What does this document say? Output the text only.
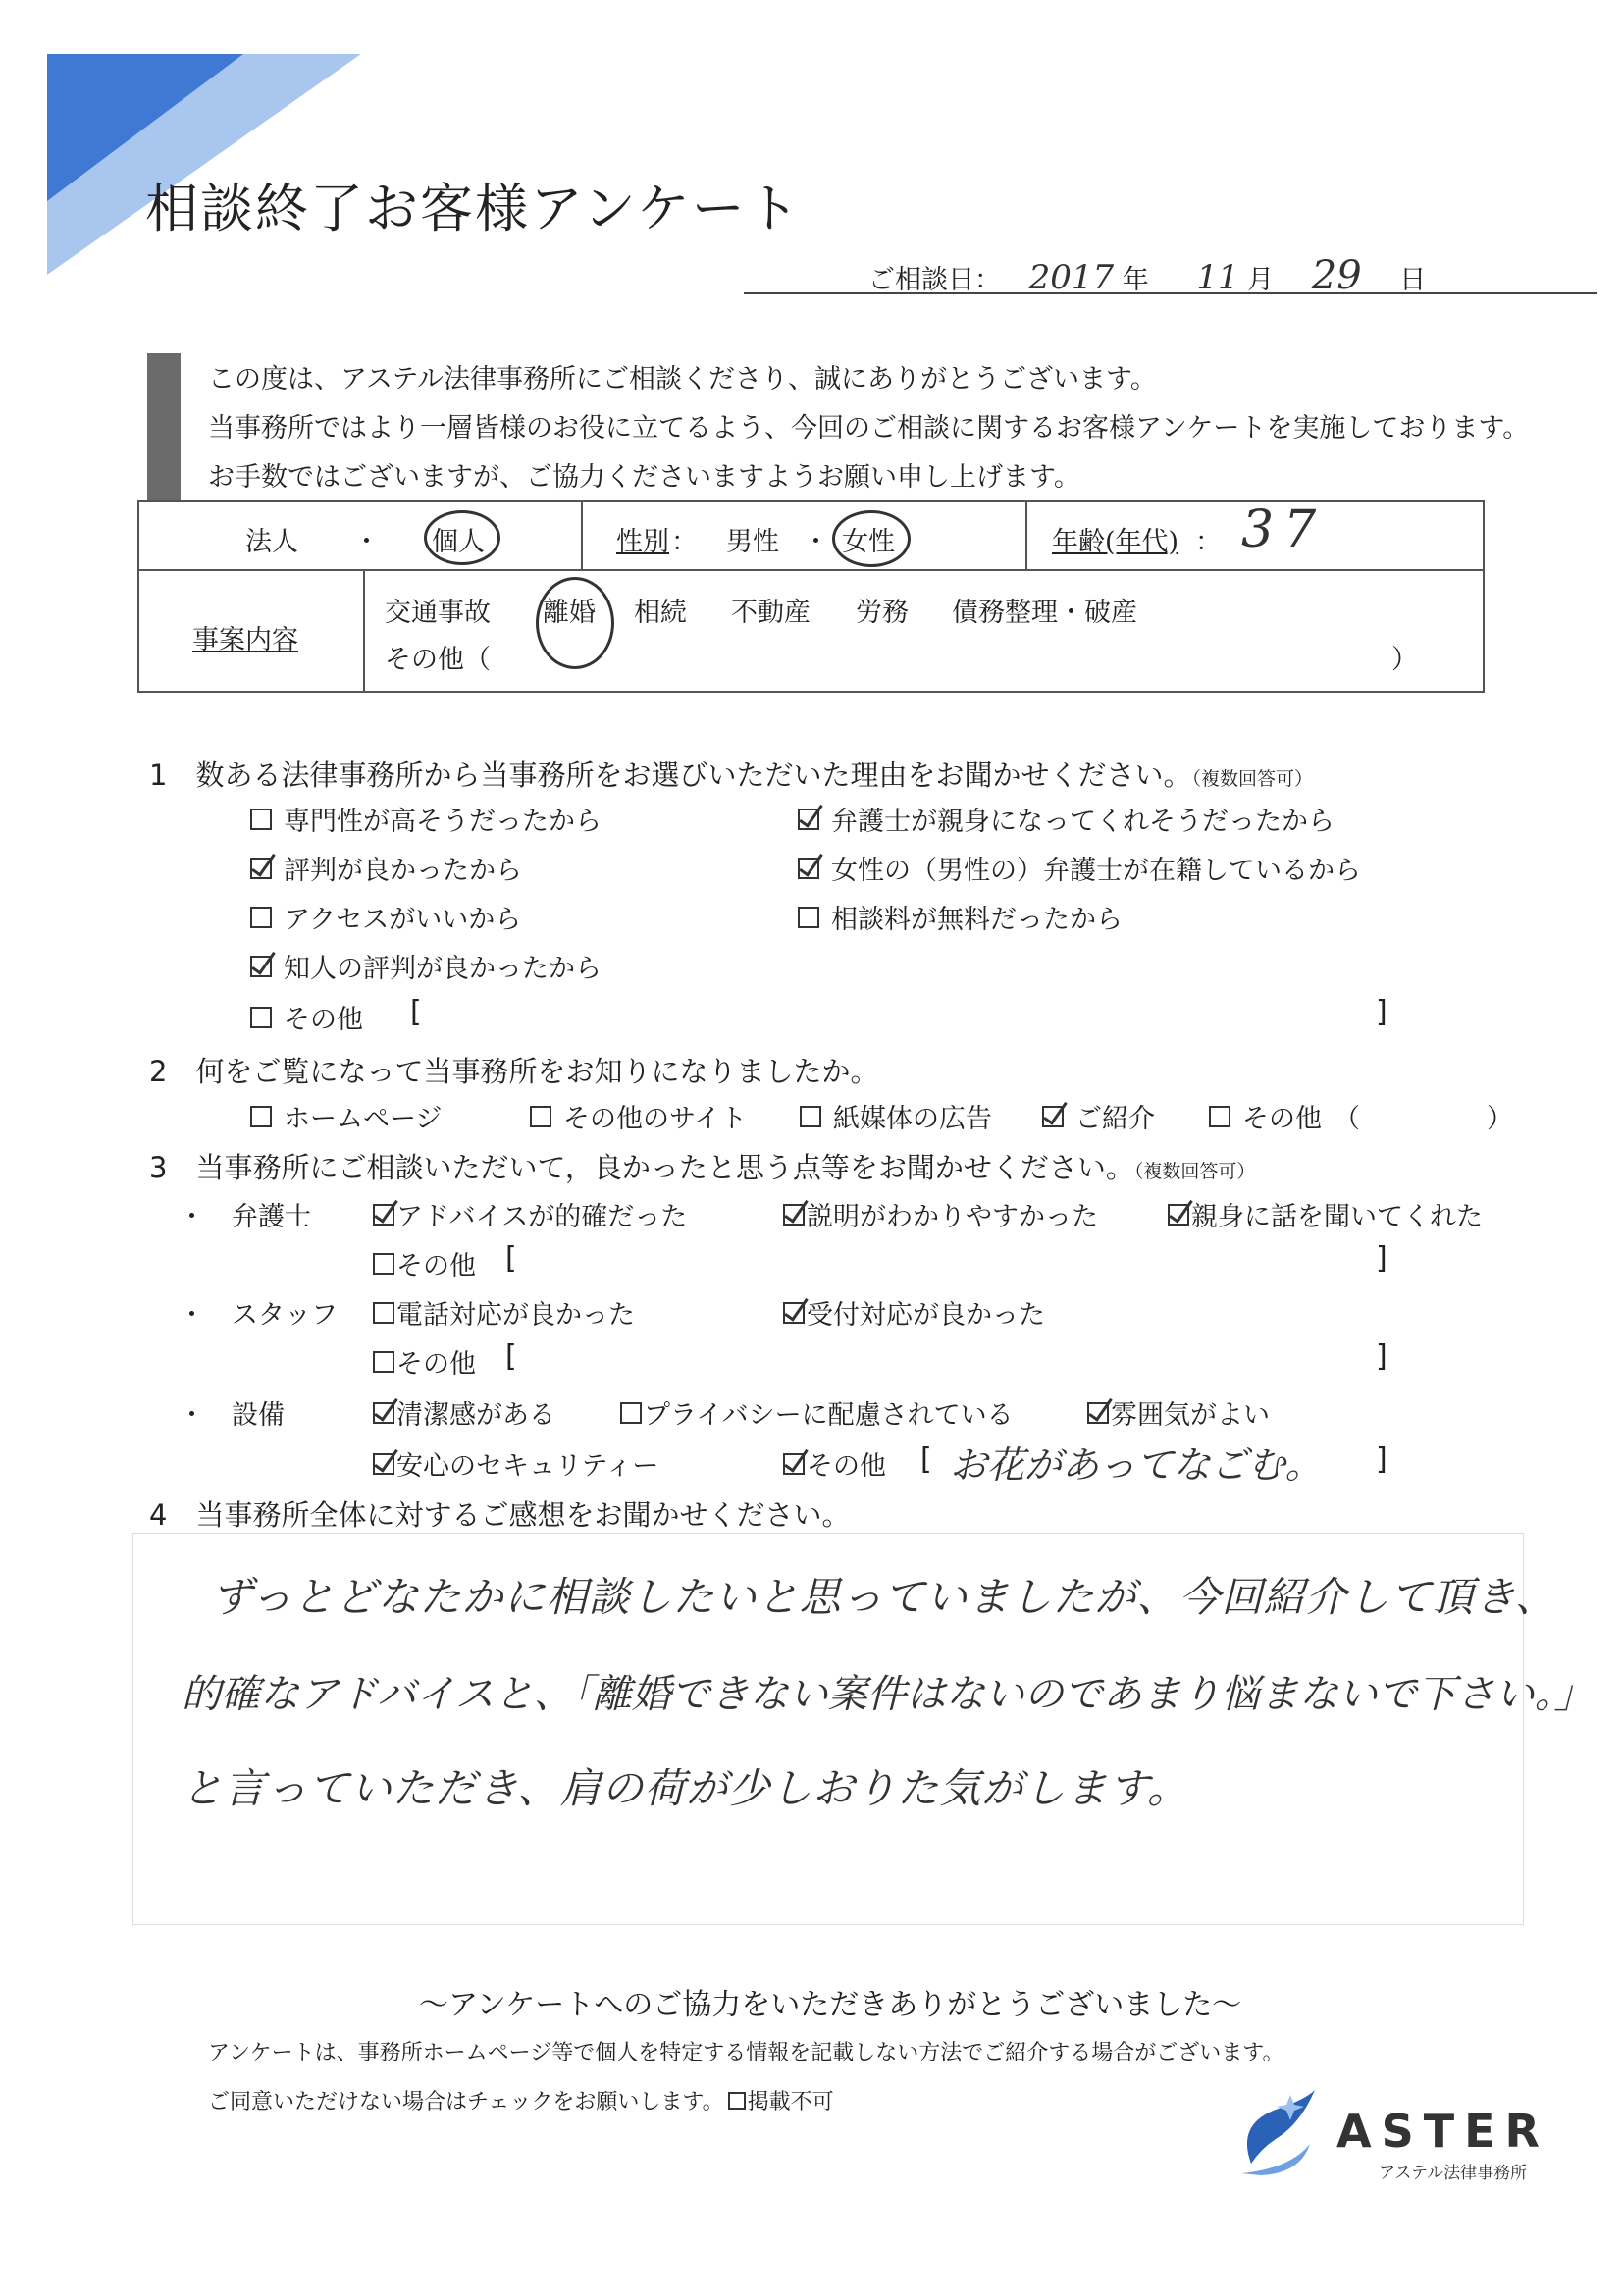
相談終了お客様アンケート
ご相談日： 2017 年 11 月 29 日
この度は、アステル法律事務所にご相談くださり、誠にありがとうございます。
当事務所ではより一層皆様のお役に立てるよう、今回のご相談に関するお客様アンケートを実施しております。
お手数ではございますが、ご協力くださいますようお願い申し上げます。
法人 ・ 個人	性別 ： 男性 ・ 女性	年齢(年代) ： 37
事案内容
交通事故 離婚 相続 不動産 労務 債務整理・破産
その他（	）
1　数ある法律事務所から当事務所をお選びいただいた理由をお聞かせください。（複数回答可）
専門性が高そうだったから	弁護士が親身になってくれそうだったから
評判が良かったから	女性の（男性の）弁護士が在籍しているから
アクセスがいいから	相談料が無料だったから
知人の評判が良かったから
その他 [	]
2　何をご覧になって当事務所をお知りになりましたか。
ホームページ	その他のサイト	紙媒体の広告	ご紹介	その他 （	）
3　当事務所にご相談いただいて，良かったと思う点等をお聞かせください。（複数回答可）
・ 弁護士	アドバイスが的確だった	説明がわかりやすかった	親身に話を聞いてくれた
その他 [	]
・ スタッフ 電話対応が良かった	受付対応が良かった
その他 [	]
・ 設備	清潔感がある	プライバシーに配慮されている	雰囲気がよい
安心のセキュリティー	その他 [ お花があってなごむ。 ]
4　当事務所全体に対するご感想をお聞かせください。
ずっとどなたかに相談したいと思っていましたが、今回紹介して頂き、
的確なアドバイスと、「離婚できない案件はないのであまり悩まないで下さい。」
と言っていただき、肩の荷が少しおりた気がします。
～アンケートへのご協力をいただきありがとうございました～
アンケートは、事務所ホームページ等で個人を特定する情報を記載しない方法でご紹介する場合がございます。
ご同意いただけない場合はチェックをお願いします。 掲載不可
ASTER
アステル法律事務所
